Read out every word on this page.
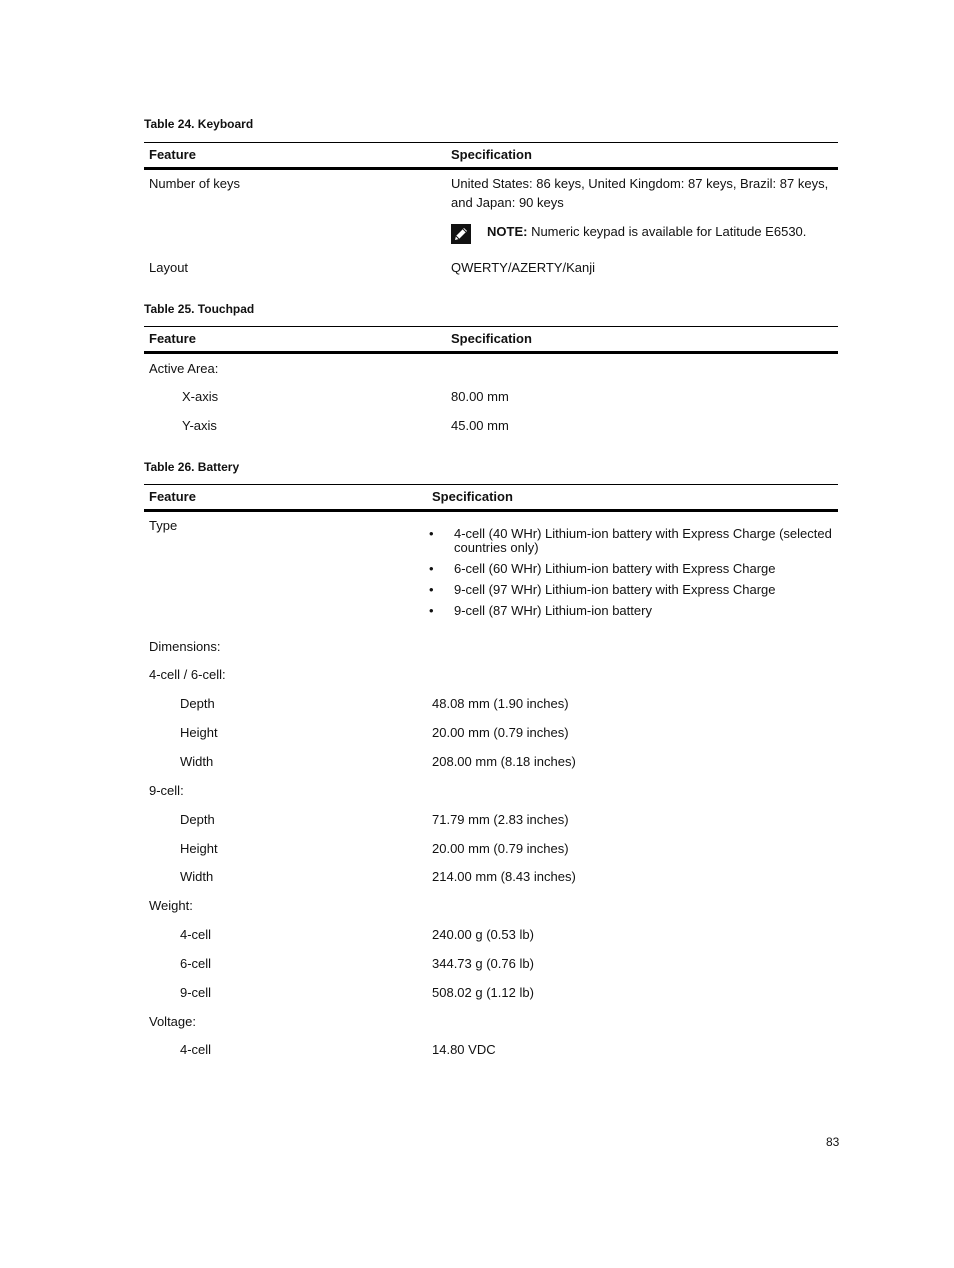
Table 24. Keyboard
Feature	Specification
Number of keys	United States: 86 keys, United Kingdom: 87 keys, Brazil: 87 keys,
and Japan: 90 keys
NOTE: Numeric keypad is available for Latitude E6530.
Layout	QWERTY/AZERTY/Kanji
Table 25. Touchpad
Feature	Specification
Active Area:
X-axis	80.00 mm
Y-axis	45.00 mm
Table 26. Battery
Feature	Specification
Type
• 4-cell (40 WHr) Lithium-ion battery with Express Charge (selected
countries only)
• 6-cell (60 WHr) Lithium-ion battery with Express Charge
• 9-cell (97 WHr) Lithium-ion battery with Express Charge
• 9-cell (87 WHr) Lithium-ion battery
Dimensions:
4-cell / 6-cell:
Depth	48.08 mm (1.90 inches)
Height	20.00 mm (0.79 inches)
Width	208.00 mm (8.18 inches)
9-cell:
Depth	71.79 mm (2.83 inches)
Height	20.00 mm (0.79 inches)
Width	214.00 mm (8.43 inches)
Weight:
4-cell	240.00 g (0.53 lb)
6-cell	344.73 g (0.76 lb)
9-cell	508.02 g (1.12 lb)
Voltage:
4-cell	14.80 VDC
83
